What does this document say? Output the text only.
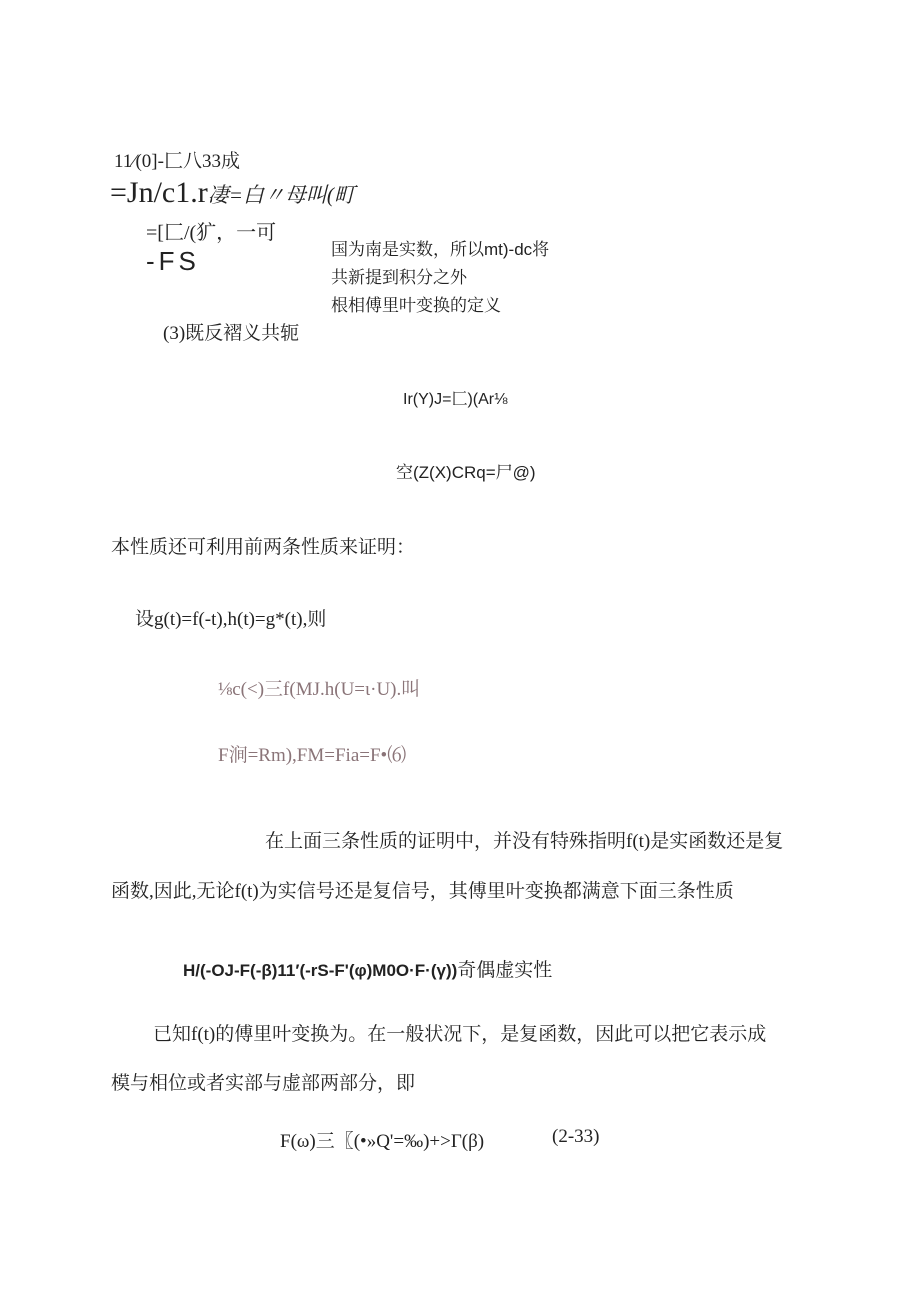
11∕(0]-匚八33成
=Jn/c1.r凄=白〃母叫(町
=[匚/(犷，一可
-FS	国为南是实数，所以mt)-dc将
共新提到积分之外
根相傅里叶变换的定义
(3)既反褶义共轭
Ir(Y)J=匚)(Ar⅛
空(Z(X)CRq=尸@)
本性质还可利用前两条性质来证明：
设g(t)=f(-t),h(t)=g*(t),则
⅛c(<)三f(MJ.h(U=ι·U).叫
F涧=Rm),FM=Fia=F•⑹
在上面三条性质的证明中，并没有特殊指明f(t)是实函数还是复
函数,因此,无论f(t)为实信号还是复信号，其傅里叶变换都满意下面三条性质
H/(-OJ-F(-β)11′(-rS-F'(φ)M0O·F·(γ))奇偶虚实性
已知f(t)的傅里叶变换为。在一般状况下，是复函数，因此可以把它表示成
模与相位或者实部与虚部两部分，即
F(ω)三〖(•»Q'=‰)+>Γ(β)	(2-33)
